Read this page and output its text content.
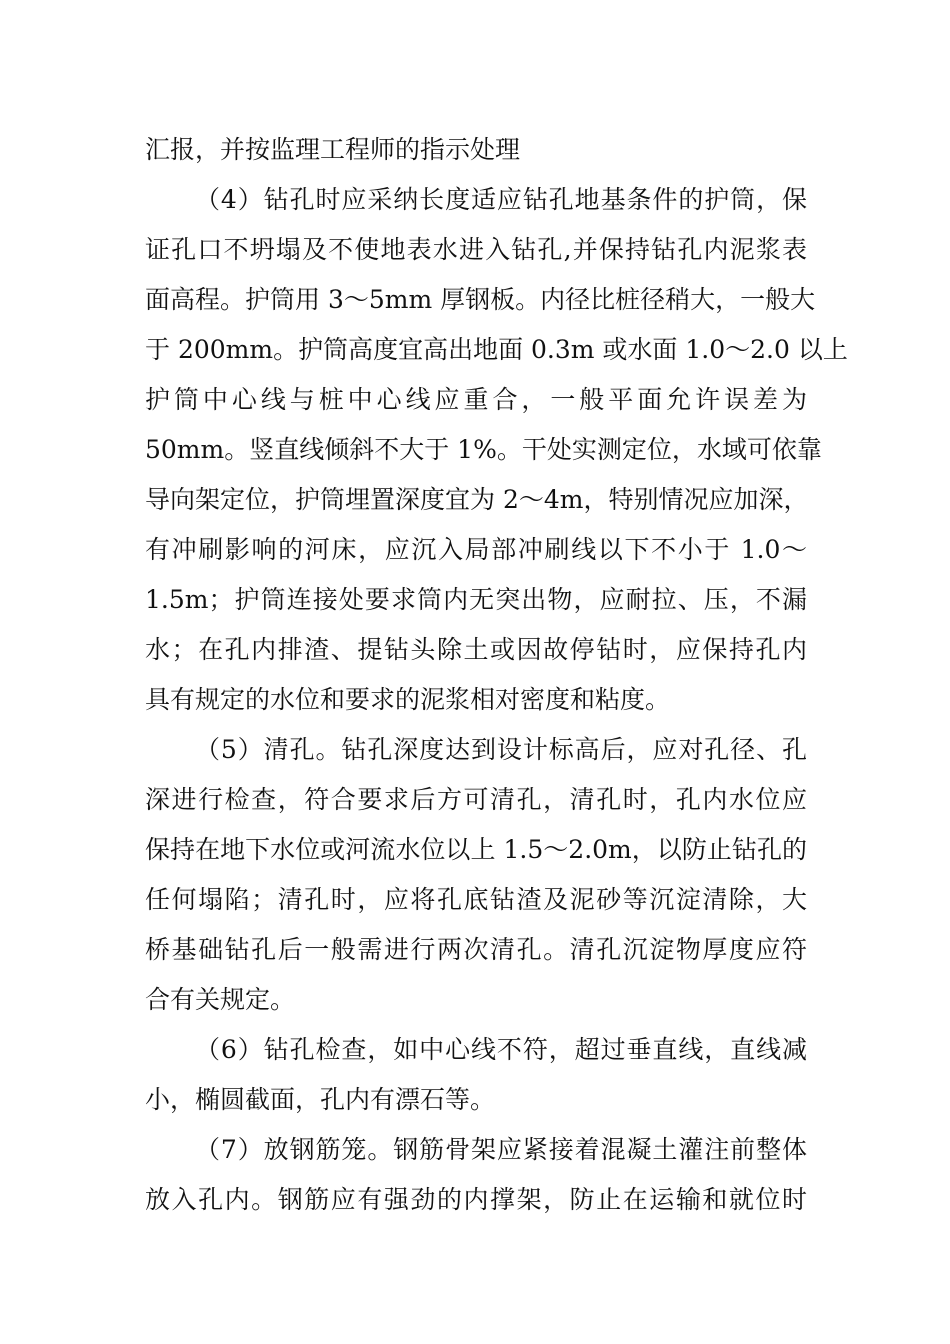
汇报，并按监理工程师的指示处理
（4）钻孔时应采纳长度适应钻孔地基条件的护筒，保
证孔口不坍塌及不使地表水进入钻孔,并保持钻孔内泥浆表
面高程。护筒用 3～5mm 厚钢板。内径比桩径稍大，一般大
于 200mm。护筒高度宜高出地面 0.3m 或水面 1.0～2.0 以上
护筒中心线与桩中心线应重合，一般平面允许误差为
50mm。竖直线倾斜不大于 1%。干处实测定位，水域可依靠
导向架定位，护筒埋置深度宜为 2～4m，特别情况应加深，
有冲刷影响的河床，应沉入局部冲刷线以下不小于 1.0～
1.5m；护筒连接处要求筒内无突出物，应耐拉、压，不漏
水；在孔内排渣、提钻头除土或因故停钻时，应保持孔内
具有规定的水位和要求的泥浆相对密度和粘度。
（5）清孔。钻孔深度达到设计标高后，应对孔径、孔
深进行检查，符合要求后方可清孔，清孔时，孔内水位应
保持在地下水位或河流水位以上 1.5～2.0m，以防止钻孔的
任何塌陷；清孔时，应将孔底钻渣及泥砂等沉淀清除，大
桥基础钻孔后一般需进行两次清孔。清孔沉淀物厚度应符
合有关规定。
（6）钻孔检查，如中心线不符，超过垂直线，直线减
小，椭圆截面，孔内有漂石等。
（7）放钢筋笼。钢筋骨架应紧接着混凝土灌注前整体
放入孔内。钢筋应有强劲的内撑架，防止在运输和就位时
